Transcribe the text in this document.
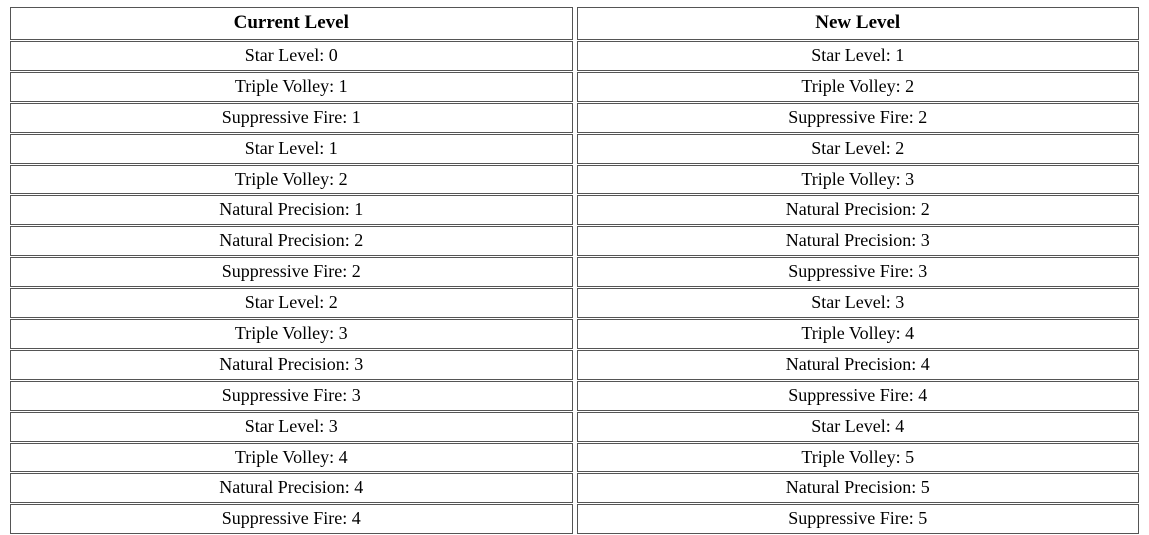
Current Level	New Level
Star Level: 0	Star Level: 1
Triple Volley: 1	Triple Volley: 2
Suppressive Fire: 1	Suppressive Fire: 2
Star Level: 1	Star Level: 2
Triple Volley: 2	Triple Volley: 3
Natural Precision: 1	Natural Precision: 2
Natural Precision: 2	Natural Precision: 3
Suppressive Fire: 2	Suppressive Fire: 3
Star Level: 2	Star Level: 3
Triple Volley: 3	Triple Volley: 4
Natural Precision: 3	Natural Precision: 4
Suppressive Fire: 3	Suppressive Fire: 4
Star Level: 3	Star Level: 4
Triple Volley: 4	Triple Volley: 5
Natural Precision: 4	Natural Precision: 5
Suppressive Fire: 4	Suppressive Fire: 5
